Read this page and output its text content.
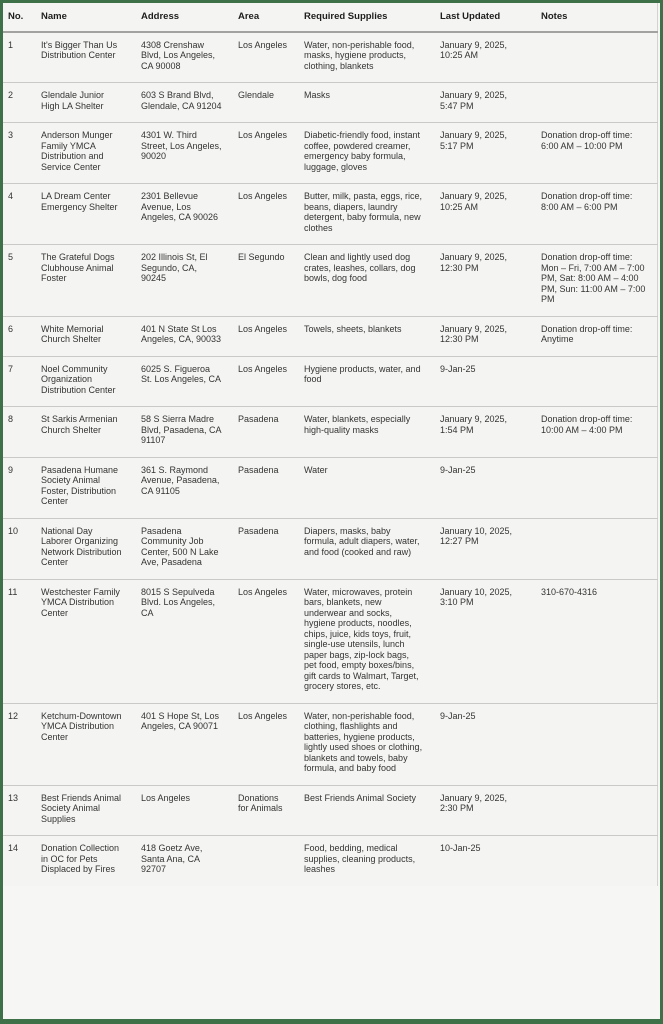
No.	Name	Address	Area	Required Supplies	Last Updated	Notes
1	It's Bigger Than Us Distribution Center	4308 Crenshaw Blvd, Los Angeles, CA 90008	Los Angeles	Water, non-perishable food, masks, hygiene products, clothing, blankets	January 9, 2025, 10:25 AM	
2	Glendale Junior High LA Shelter	603 S Brand Blvd, Glendale, CA 91204	Glendale	Masks	January 9, 2025, 5:47 PM	
3	Anderson Munger Family YMCA Distribution and Service Center	4301 W. Third Street, Los Angeles, 90020	Los Angeles	Diabetic-friendly food, instant coffee, powdered creamer, emergency baby formula, luggage, gloves	January 9, 2025, 5:17 PM	Donation drop-off time: 6:00 AM – 10:00 PM
4	LA Dream Center Emergency Shelter	2301 Bellevue Avenue, Los Angeles, CA 90026	Los Angeles	Butter, milk, pasta, eggs, rice, beans, diapers, laundry detergent, baby formula, new clothes	January 9, 2025, 10:25 AM	Donation drop-off time: 8:00 AM – 6:00 PM
5	The Grateful Dogs Clubhouse Animal Foster	202 Illinois St, El Segundo, CA, 90245	El Segundo	Clean and lightly used dog crates, leashes, collars, dog bowls, dog food	January 9, 2025, 12:30 PM	Donation drop-off time: Mon – Fri, 7:00 AM – 7:00 PM, Sat: 8:00 AM – 4:00 PM, Sun: 11:00 AM – 7:00 PM
6	White Memorial Church Shelter	401 N State St Los Angeles, CA, 90033	Los Angeles	Towels, sheets, blankets	January 9, 2025, 12:30 PM	Donation drop-off time: Anytime
7	Noel Community Organization Distribution Center	6025 S. Figueroa St. Los Angeles, CA	Los Angeles	Hygiene products, water, and food	9-Jan-25	
8	St Sarkis Armenian Church Shelter	58 S Sierra Madre Blvd, Pasadena, CA 91107	Pasadena	Water, blankets, especially high-quality masks	January 9, 2025, 1:54 PM	Donation drop-off time: 10:00 AM – 4:00 PM
9	Pasadena Humane Society Animal Foster, Distribution Center	361 S. Raymond Avenue, Pasadena, CA 91105	Pasadena	Water	9-Jan-25	
10	National Day Laborer Organizing Network Distribution Center	Pasadena Community Job Center, 500 N Lake Ave, Pasadena	Pasadena	Diapers, masks, baby formula, adult diapers, water, and food (cooked and raw)	January 10, 2025, 12:27 PM	
11	Westchester Family YMCA Distribution Center	8015 S Sepulveda Blvd. Los Angeles, CA	Los Angeles	Water, microwaves, protein bars, blankets, new underwear and socks, hygiene products, noodles, chips, juice, kids toys, fruit, single-use utensils, lunch paper bags, zip-lock bags, pet food, empty boxes/bins, gift cards to Walmart, Target, grocery stores, etc.	January 10, 2025, 3:10 PM	310-670-4316
12	Ketchum-Downtown YMCA Distribution Center	401 S Hope St, Los Angeles, CA 90071	Los Angeles	Water, non-perishable food, clothing, flashlights and batteries, hygiene products, lightly used shoes or clothing, blankets and towels, baby formula, and baby food	9-Jan-25	
13	Best Friends Animal Society Animal Supplies	Los Angeles	Donations for Animals	Best Friends Animal Society	January 9, 2025, 2:30 PM	
14	Donation Collection in OC for Pets Displaced by Fires	418 Goetz Ave, Santa Ana, CA 92707		Food, bedding, medical supplies, cleaning products, leashes	10-Jan-25	
